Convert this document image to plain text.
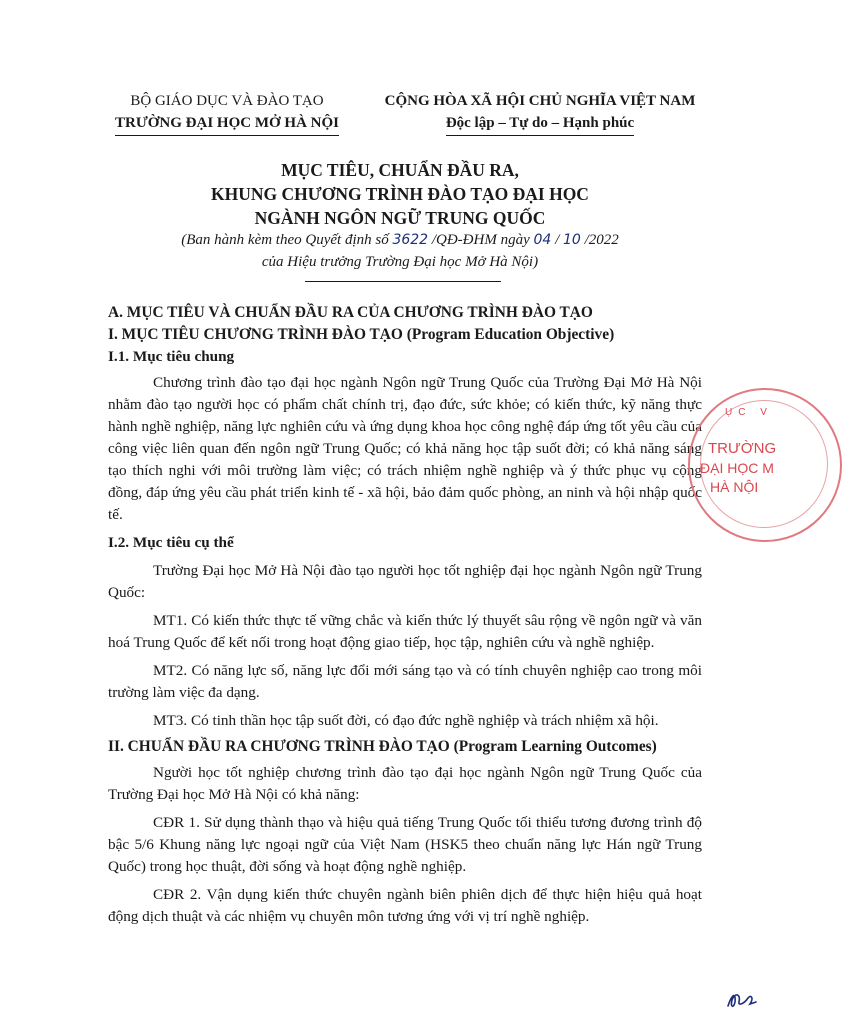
BỘ GIÁO DỤC VÀ ĐÀO TẠO
TRƯỜNG ĐẠI HỌC MỞ HÀ NỘI
CỘNG HÒA XÃ HỘI CHỦ NGHĨA VIỆT NAM
Độc lập – Tự do – Hạnh phúc
MỤC TIÊU, CHUẨN ĐẦU RA,
KHUNG CHƯƠNG TRÌNH ĐÀO TẠO ĐẠI HỌC
NGÀNH NGÔN NGỮ TRUNG QUỐC
(Ban hành kèm theo Quyết định số 3622 /QĐ-ĐHM ngày 04 / 10 /2022
của Hiệu trưởng Trường Đại học Mở Hà Nội)

A. MỤC TIÊU VÀ CHUẨN ĐẦU RA CỦA CHƯƠNG TRÌNH ĐÀO TẠO

I. MỤC TIÊU CHƯƠNG TRÌNH ĐÀO TẠO (Program Education Objective)

I.1. Mục tiêu chung

Chương trình đào tạo đại học ngành Ngôn ngữ Trung Quốc của Trường Đại Mở Hà Nội nhằm đào tạo người học có phẩm chất chính trị, đạo đức, sức khỏe; có kiến thức, kỹ năng thực hành nghề nghiệp, năng lực nghiên cứu và ứng dụng khoa học công nghệ đáp ứng tốt yêu cầu của công việc liên quan đến ngôn ngữ Trung Quốc; có khả năng học tập suốt đời; có khả năng sáng tạo thích nghi với môi trường làm việc; có trách nhiệm nghề nghiệp và ý thức phục vụ cộng đồng, đáp ứng yêu cầu phát triển kinh tế - xã hội, bảo đảm quốc phòng, an ninh và hội nhập quốc tế.

I.2. Mục tiêu cụ thể

Trường Đại học Mở Hà Nội đào tạo người học tốt nghiệp đại học ngành Ngôn ngữ Trung Quốc:

MT1. Có kiến thức thực tế vững chắc và kiến thức lý thuyết sâu rộng về ngôn ngữ và văn hoá Trung Quốc để kết nối trong hoạt động giao tiếp, học tập, nghiên cứu và nghề nghiệp.

MT2. Có năng lực số, năng lực đổi mới sáng tạo và có tính chuyên nghiệp cao trong môi trường làm việc đa dạng.

MT3. Có tinh thần học tập suốt đời, có đạo đức nghề nghiệp và trách nhiệm xã hội.

II. CHUẨN ĐẦU RA CHƯƠNG TRÌNH ĐÀO TẠO (Program Learning Outcomes)

Người học tốt nghiệp chương trình đào tạo đại học ngành Ngôn ngữ Trung Quốc của Trường Đại học Mở Hà Nội có khả năng:

CĐR 1. Sử dụng thành thạo và hiệu quả tiếng Trung Quốc tối thiểu tương đương trình độ bậc 5/6 Khung năng lực ngoại ngữ của Việt Nam (HSK5 theo chuẩn năng lực Hán ngữ Trung Quốc) trong học thuật, đời sống và hoạt động nghề nghiệp.

CĐR 2. Vận dụng kiến thức chuyên ngành biên phiên dịch để thực hiện hiệu quả hoạt động dịch thuật và các nhiệm vụ chuyên môn tương ứng với vị trí nghề nghiệp.

ỤC V
TRƯỜNG
ĐẠI HỌC M
HÀ NỘI
